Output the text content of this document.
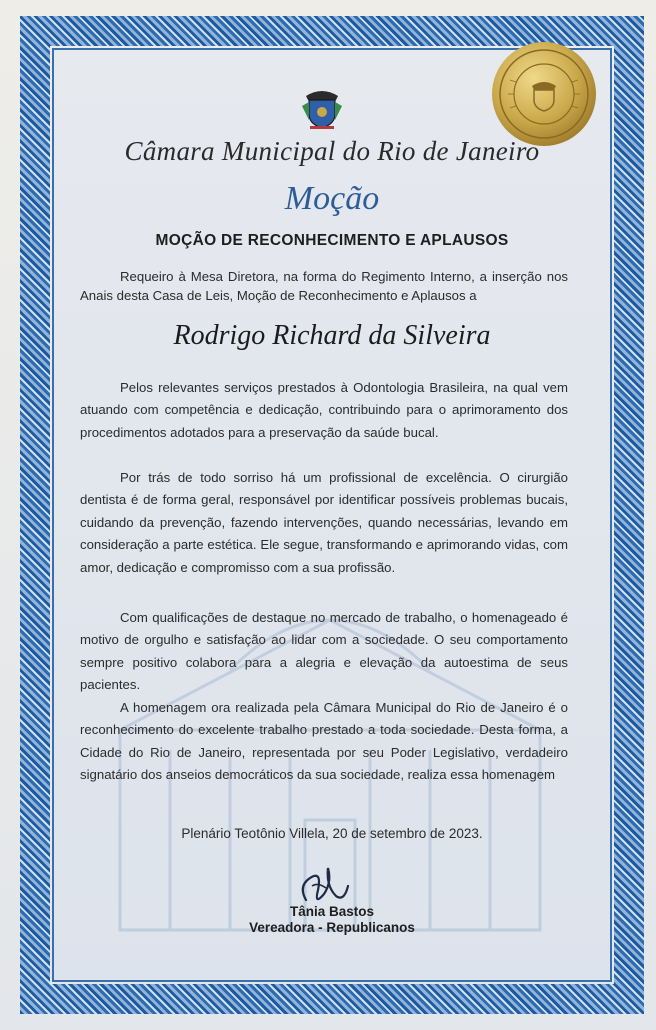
Câmara Municipal do Rio de Janeiro
Moção
MOÇÃO DE RECONHECIMENTO E APLAUSOS
Requeiro à Mesa Diretora, na forma do Regimento Interno, a inserção nos Anais desta Casa de Leis, Moção de Reconhecimento e Aplausos a
Rodrigo Richard da Silveira
Pelos relevantes serviços prestados à Odontologia Brasileira, na qual vem atuando com competência e dedicação, contribuindo para o aprimoramento dos procedimentos adotados para a preservação da saúde bucal.
Por trás de todo sorriso há um profissional de excelência. O cirurgião dentista é de forma geral, responsável por identificar possíveis problemas bucais, cuidando da prevenção, fazendo intervenções, quando necessárias, levando em consideração a parte estética. Ele segue, transformando e aprimorando vidas, com amor, dedicação e compromisso com a sua profissão.
Com qualificações de destaque no mercado de trabalho, o homenageado é motivo de orgulho e satisfação ao lidar com a sociedade. O seu comportamento sempre positivo colabora para a alegria e elevação da autoestima de seus pacientes.
A homenagem ora realizada pela Câmara Municipal do Rio de Janeiro é o reconhecimento do excelente trabalho prestado a toda sociedade. Desta forma, a Cidade do Rio de Janeiro, representada por seu Poder Legislativo, verdadeiro signatário dos anseios democráticos da sua sociedade, realiza essa homenagem
Plenário Teotônio Villela, 20 de setembro de 2023.
Tânia Bastos
Vereadora - Republicanos
